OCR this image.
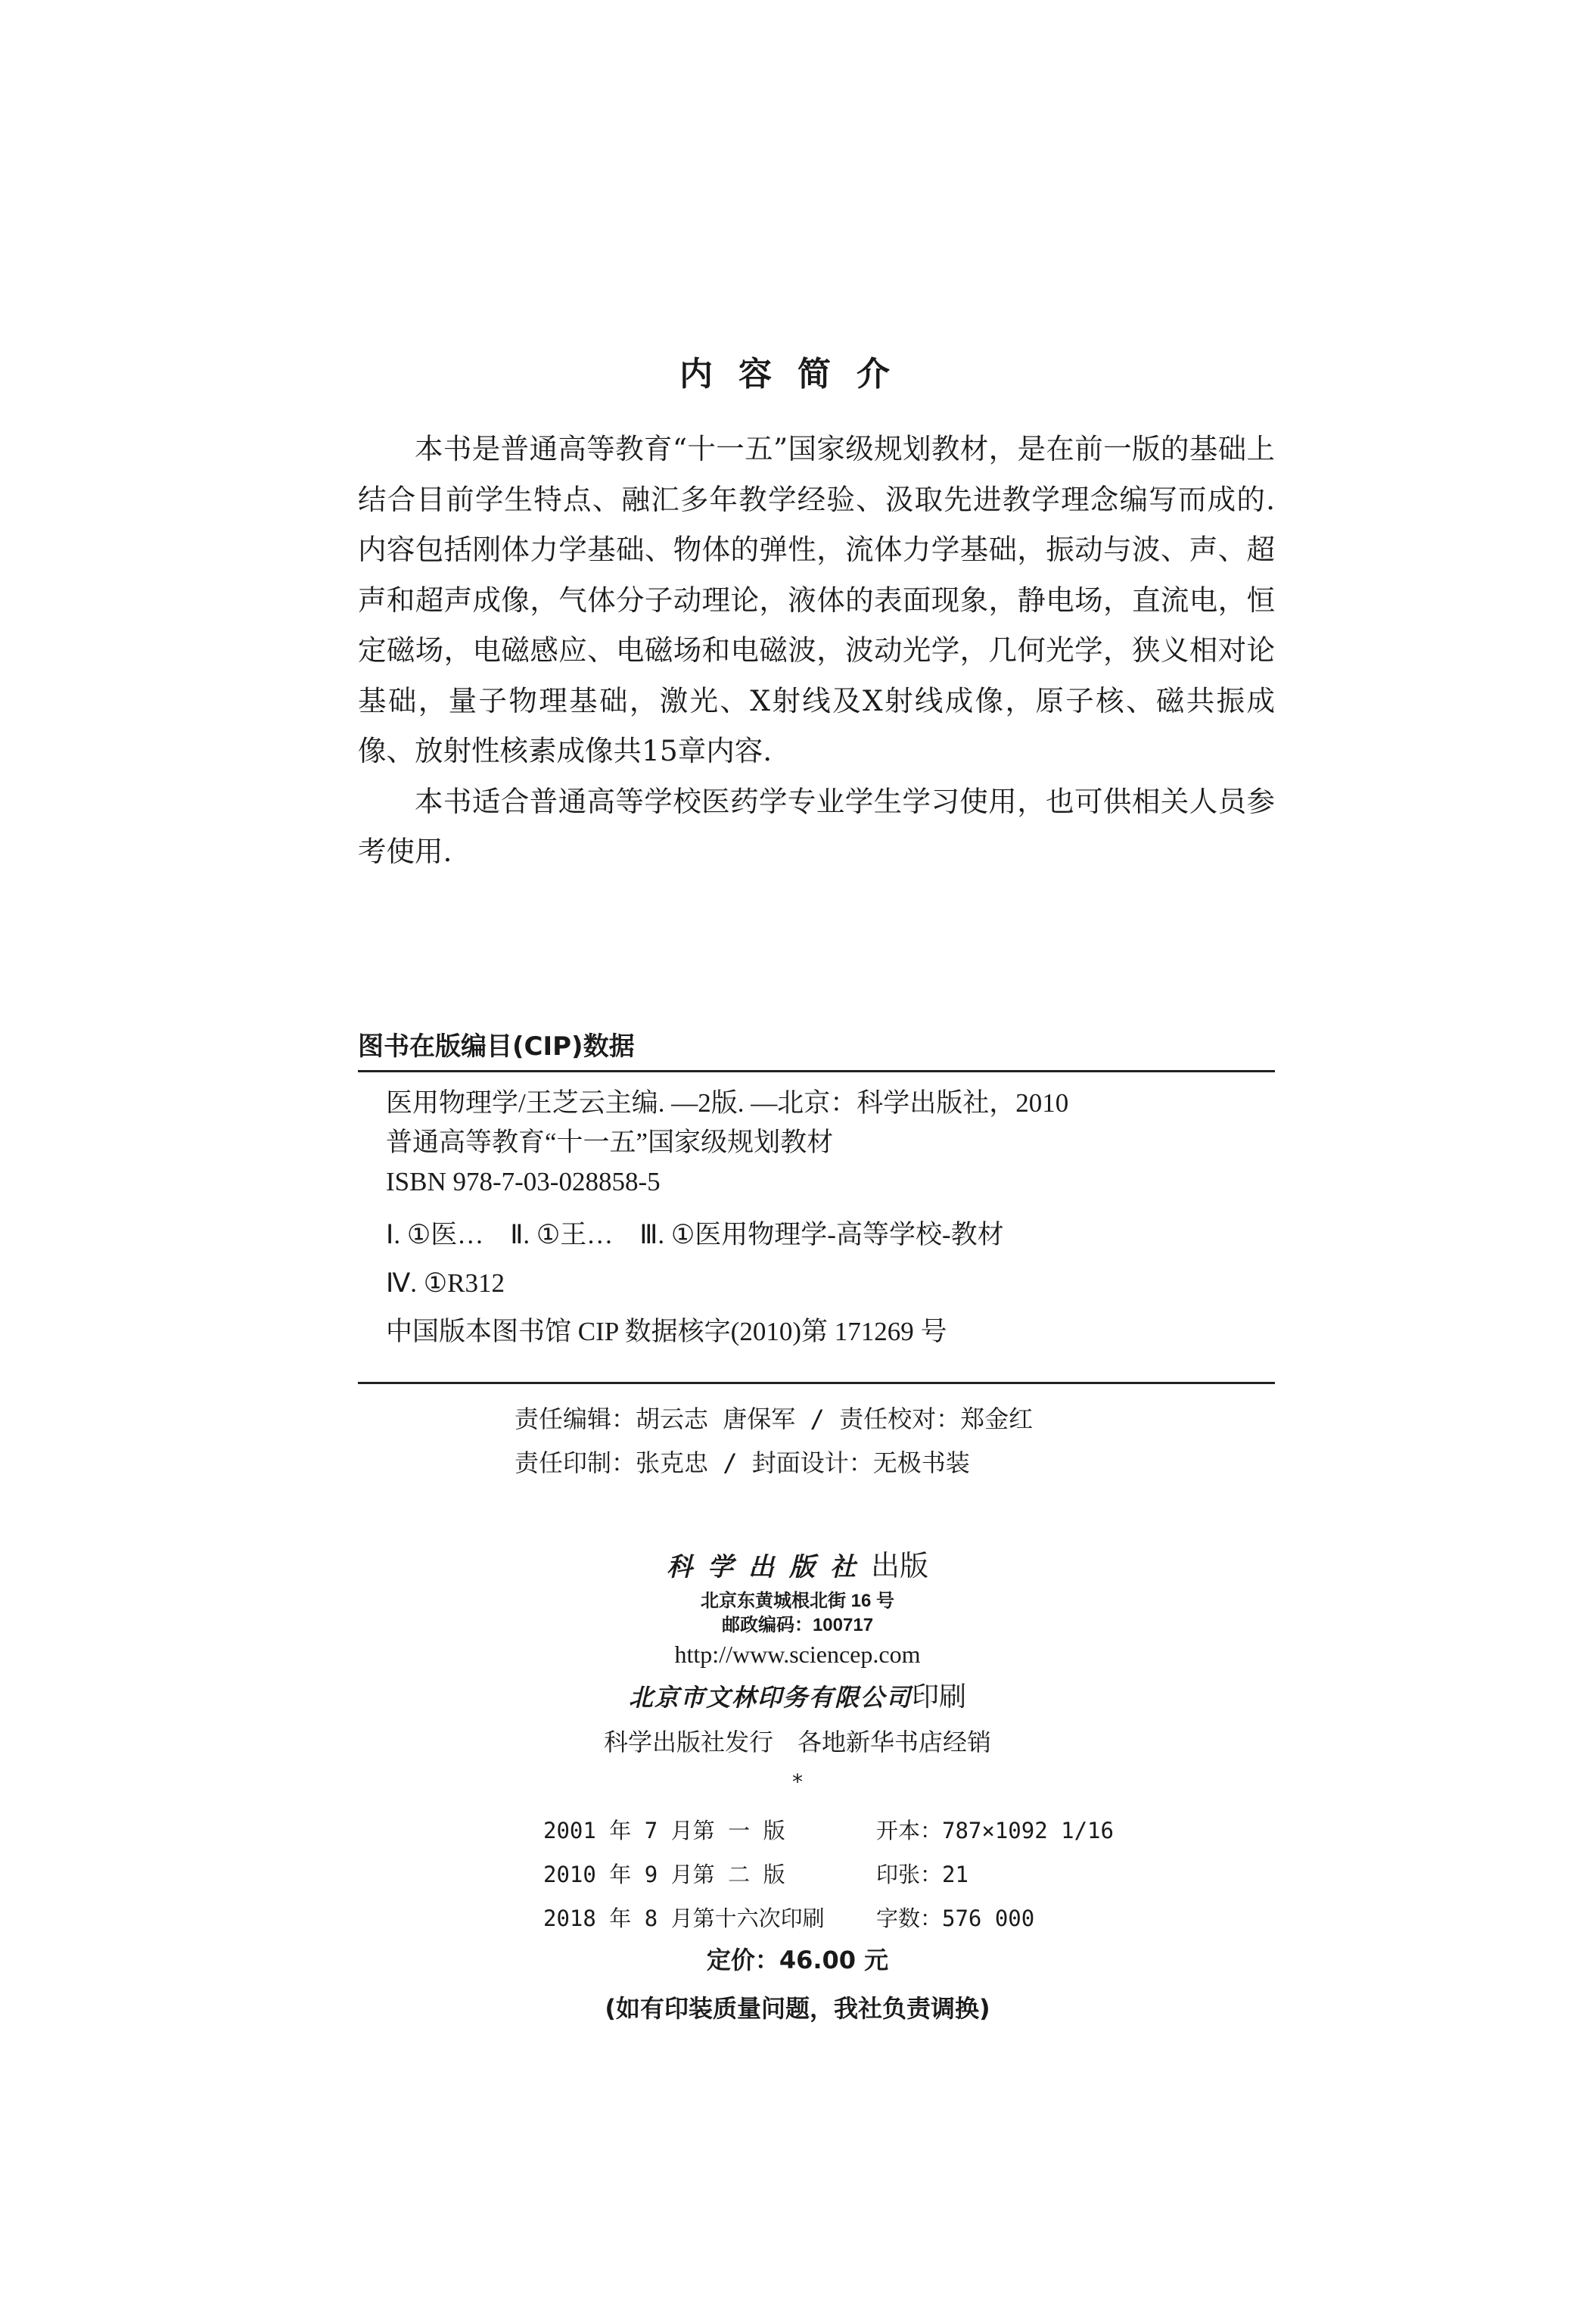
内容简介

本书是普通高等教育“十一五”国家级规划教材，是在前一版的基础上结合目前学生特点、融汇多年教学经验、汲取先进教学理念编写而成的. 内容包括刚体力学基础、物体的弹性，流体力学基础，振动与波、声、超声和超声成像，气体分子动理论，液体的表面现象，静电场，直流电，恒定磁场，电磁感应、电磁场和电磁波，波动光学，几何光学，狭义相对论基础，量子物理基础，激光、X射线及X射线成像，原子核、磁共振成像、放射性核素成像共15章内容.

本书适合普通高等学校医药学专业学生学习使用，也可供相关人员参考使用.

图书在版编目(CIP)数据
医用物理学/王芝云主编. —2版. —北京：科学出版社，2010
普通高等教育“十一五”国家级规划教材
ISBN 978-7-03-028858-5
Ⅰ. ①医…　Ⅱ. ①王…　Ⅲ. ①医用物理学-高等学校-教材
Ⅳ. ①R312
中国版本图书馆 CIP 数据核字(2010)第 171269 号
责任编辑：胡云志 唐保军 / 责任校对：郑金红
责任印制：张克忠 / 封面设计：无极书装
科学出版社出版
北京东黄城根北街 16 号
邮政编码：100717
http://www.sciencep.com
北京市文林印务有限公司印刷
科学出版社发行　各地新华书店经销
*
2001 年 7 月第 一 版	开本：787×1092 1/16
2010 年 9 月第 二 版	印张：21
2018 年 8 月第十六次印刷	字数：576 000
定价：46.00 元
(如有印装质量问题，我社负责调换)
